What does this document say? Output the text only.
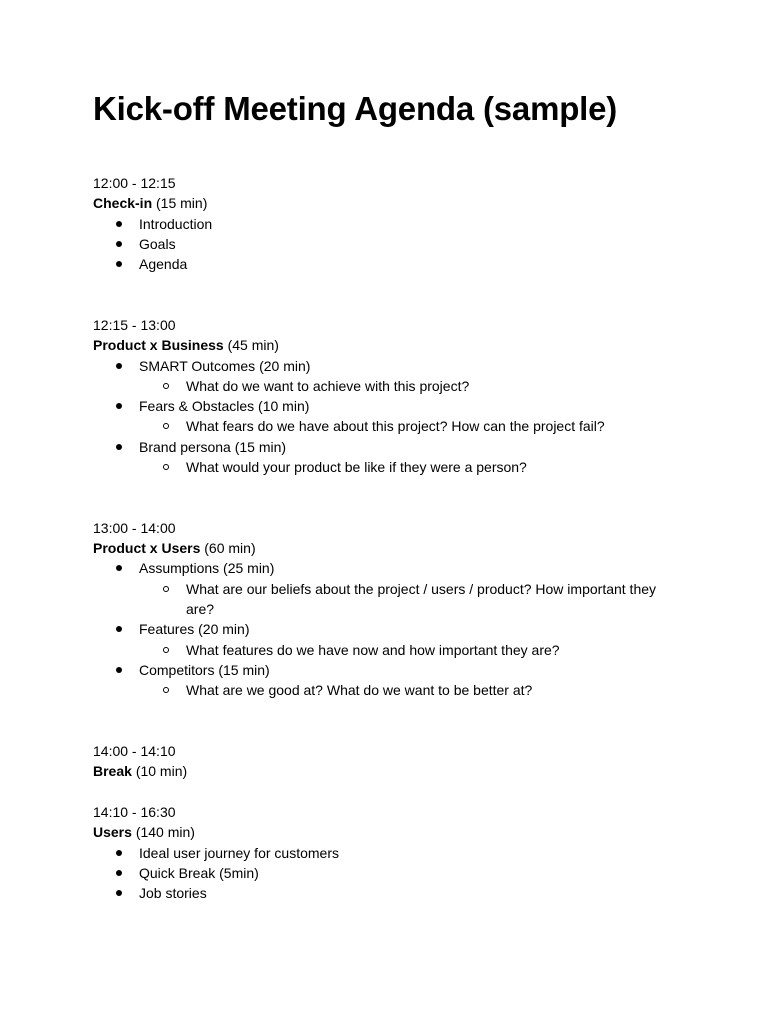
Kick-off Meeting Agenda (sample)
12:00 - 12:15
Check-in (15 min)
Introduction
Goals
Agenda
12:15 - 13:00
Product x Business (45 min)
SMART Outcomes (20 min)
What do we want to achieve with this project?
Fears & Obstacles (10 min)
What fears do we have about this project? How can the project fail?
Brand persona (15 min)
What would your product be like if they were a person?
13:00 - 14:00
Product x Users (60 min)
Assumptions (25 min)
What are our beliefs about the project / users / product? How important they are?
Features (20 min)
What features do we have now and how important they are?
Competitors (15 min)
What are we good at? What do we want to be better at?
14:00 - 14:10
Break (10 min)
14:10 - 16:30
Users (140 min)
Ideal user journey for customers
Quick Break (5min)
Job stories
